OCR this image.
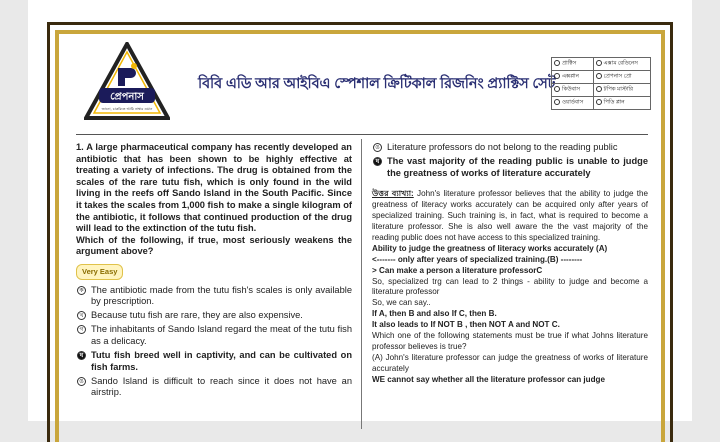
প্রেপনাস
জানো, চাকরিতে আমি নাম্বার ওয়ান
বিবি এডি আর আইবিএ স্পেশাল ক্রিটিকাল রিজনিং প্র্যাক্টিস সেট
প্রাক্টিস	এক্সাম রেডিনেস
এক্সপ্লান	প্রেপনাস প্রো
কিউবাস	টপিক মাস্টারি
ওয়ার্ডবাস	পিডি প্লান

1. A large pharmaceutical company has recently developed an antibiotic that has been shown to be highly effective at treating a variety of infections. The drug is obtained from the scales of the rare tutu fish, which is only found in the wild living in the reefs off Sando Island in the South Pacific. Since it takes the scales from 1,000 fish to make a single kilogram of the antibiotic, it follows that continued production of the drug will lead to the extinction of the tutu fish.

Which of the following, if true, most seriously weakens the argument above?

Very Easy
ক The antibiotic made from the tutu fish's scales is only available by prescription.
খ Because tutu fish are rare, they are also expensive.
গ The inhabitants of Sando Island regard the meat of the tutu fish as a delicacy.
ঘ Tutu fish breed well in captivity, and can be cultivated on fish farms.
ঙ Sando Island is difficult to reach since it does not have an airstrip.
ঙ Literature professors do not belong to the reading public
ঘ The vast majority of the reading public is unable to judge the greatness of works of literature accurately

উত্তর ব্যাখ্যা: John's literature professor believes that the ability to judge the greatness of literacy works accurately can be acquired only after years of specialized training. Such training is, in fact, what is required to become a literature professor. She is also well aware the the vast majority of the reading public does not have access to this specialized training.

Ability to judge the greatness of literacy works accurately (A)

<------- only after years of specialized training.(B) --------

> Can make a person a literature professorC

So, specialized trg can lead to 2 things - ability to judge and become a literature professor

So, we can say..

If A, then B and also If C, then B.

It also leads to If NOT B , then NOT A and NOT C.

Which one of the following statements must be true if what Johns literature professor believes is true?

(A) John's literature professor can judge the greatness of works of literature accurately

WE cannot say whether all the literature professor can judge
